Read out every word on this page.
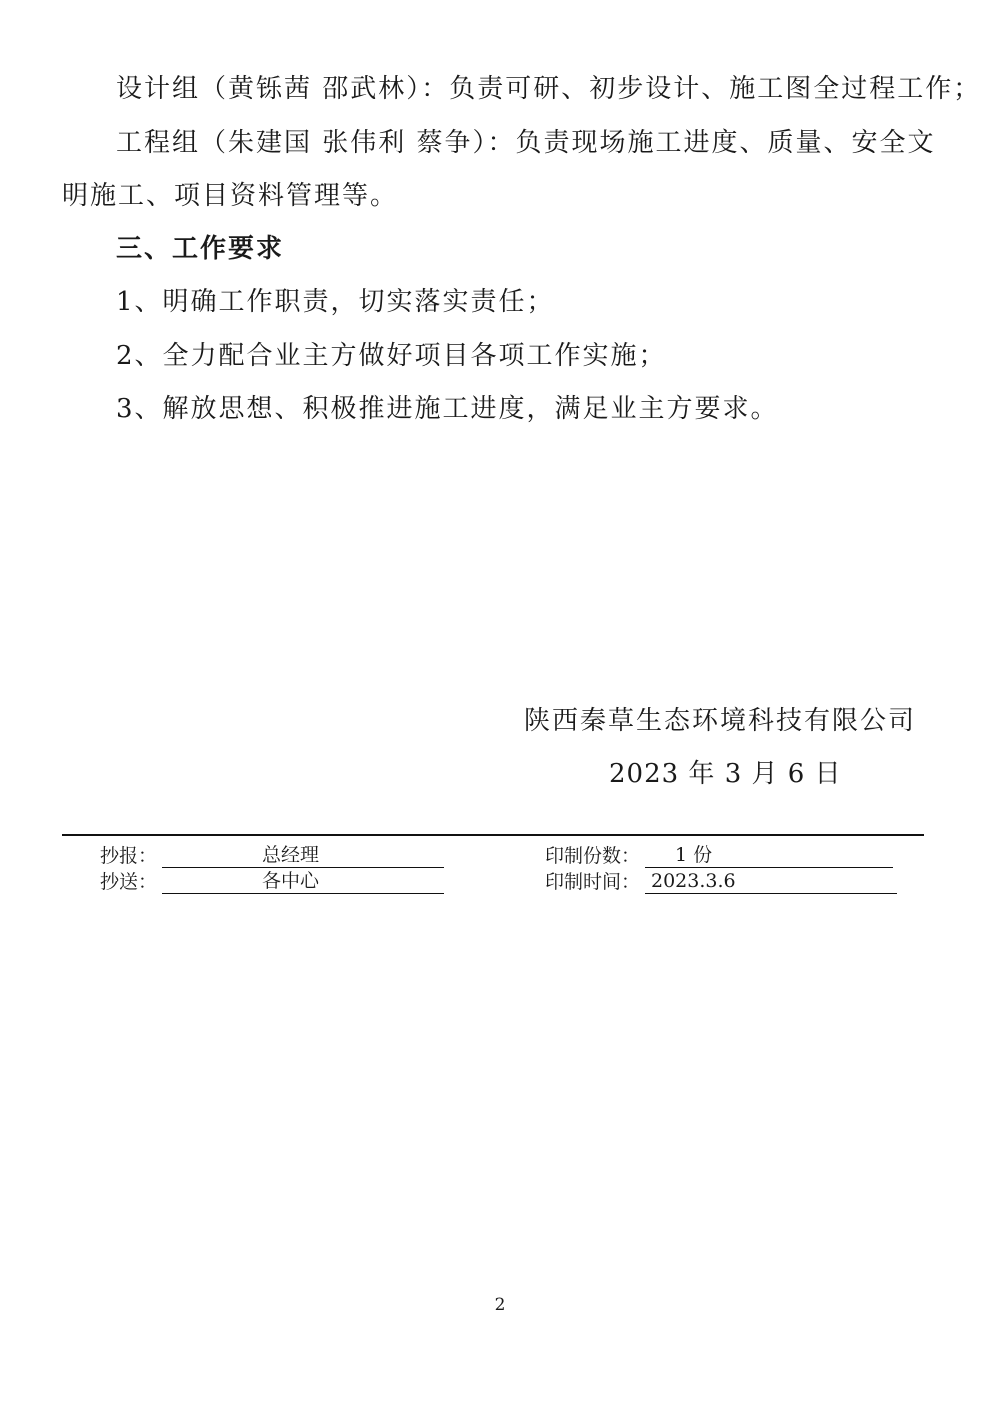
设计组（黄铄茜 邵武林）：负责可研、初步设计、施工图全过程工作；
工程组（朱建国 张伟利 蔡争）：负责现场施工进度、质量、安全文
明施工、项目资料管理等。
三、工作要求
1、明确工作职责，切实落实责任；
2、全力配合业主方做好项目各项工作实施；
3、解放思想、积极推进施工进度，满足业主方要求。
陕西秦草生态环境科技有限公司
2023 年 3 月 6 日
抄报：	总经理
抄送：	各中心
印制份数： 1 份
印制时间： 2023.3.6
2
